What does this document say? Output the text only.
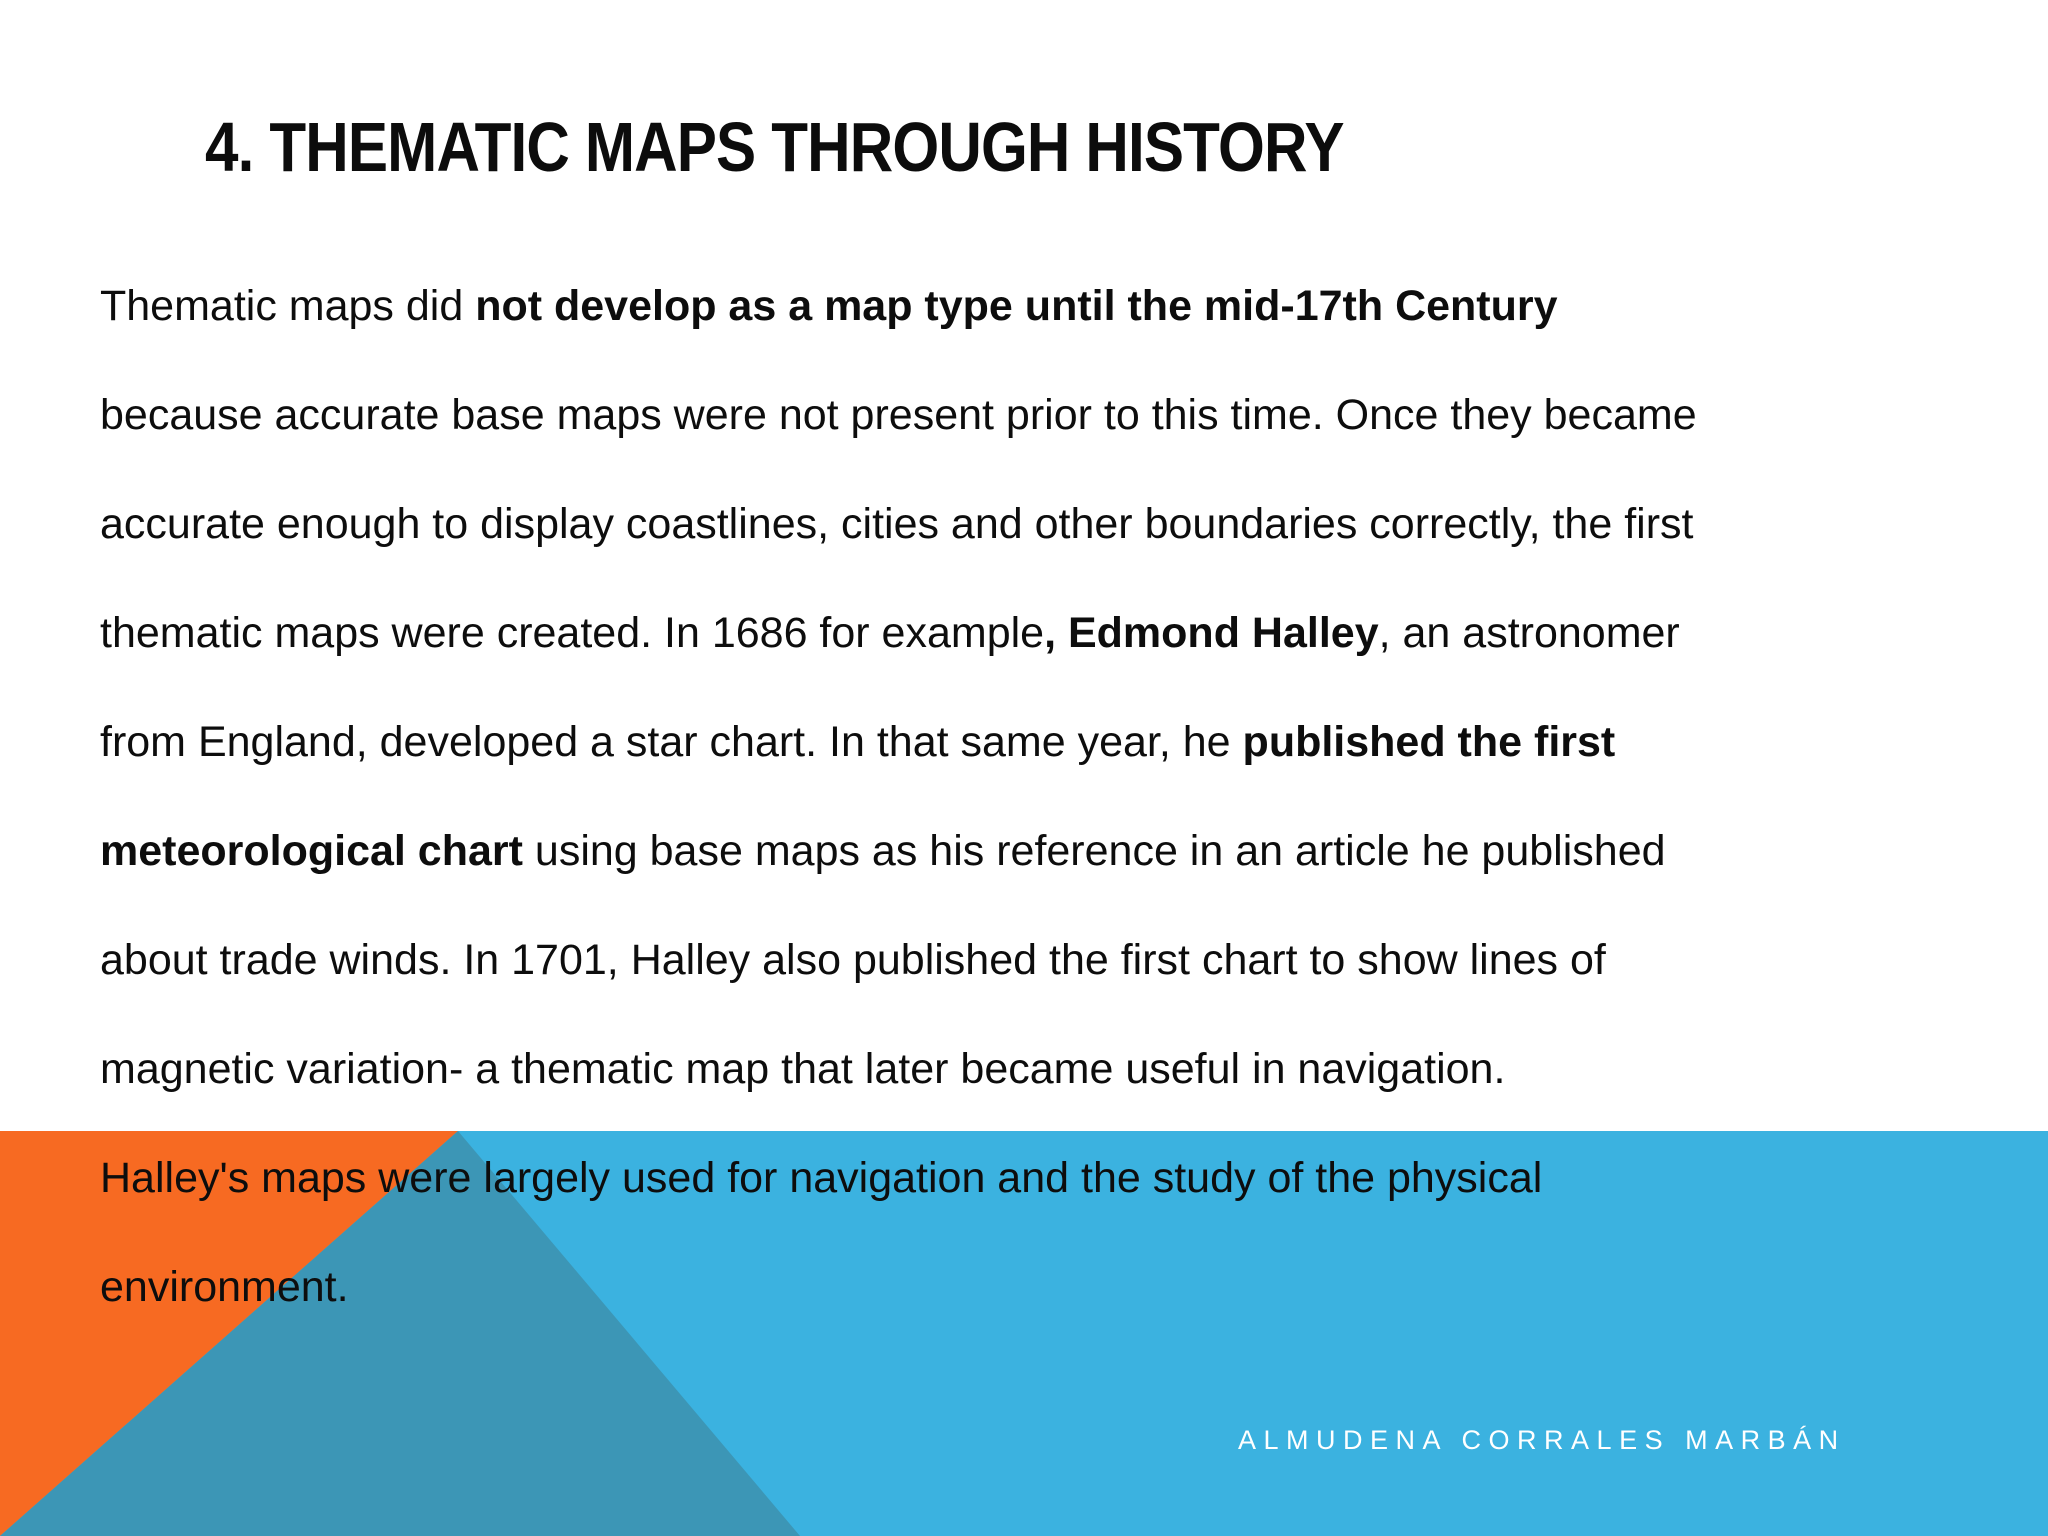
4. THEMATIC MAPS THROUGH HISTORY
Thematic maps did not develop as a map type until the mid-17th Century
because accurate base maps were not present prior to this time. Once they became
accurate enough to display coastlines, cities and other boundaries correctly, the first
thematic maps were created. In 1686 for example, Edmond Halley, an astronomer
from England, developed a star chart. In that same year, he published the first
meteorological chart using base maps as his reference in an article he published
about trade winds. In 1701, Halley also published the first chart to show lines of
magnetic variation- a thematic map that later became useful in navigation.
Halley's maps were largely used for navigation and the study of the physical
environment.
ALMUDENA CORRALES MARBÁN
